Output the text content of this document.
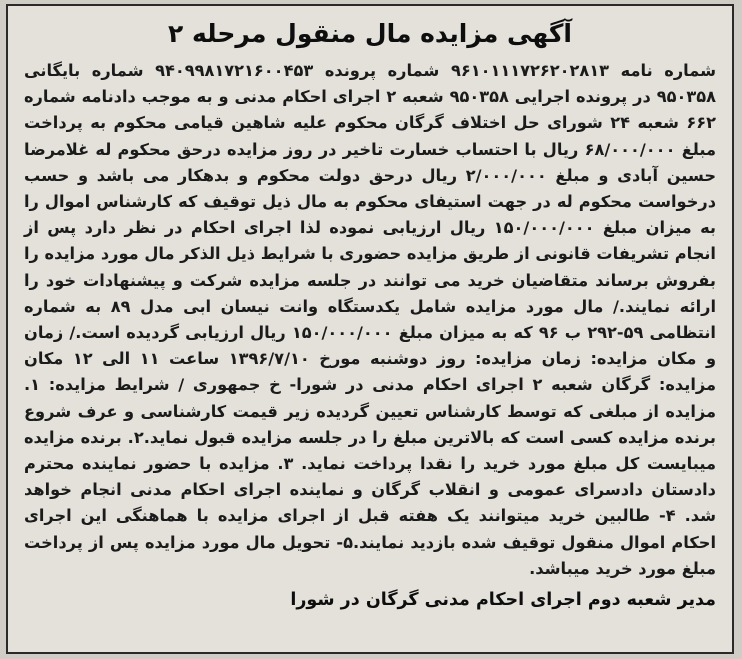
آگهی مزایده مال منقول مرحله ۲

شماره نامه ۹۶۱۰۱۱۱۷۲۶۲۰۲۸۱۳ شماره پرونده ۹۴۰۹۹۸۱۷۲۱۶۰۰۴۵۳ شماره بایگانی ۹۵۰۳۵۸ در پرونده اجرایی ۹۵۰۳۵۸ شعبه ۲ اجرای احکام مدنی و به موجب دادنامه شماره ۶۶۲ شعبه ۲۴ شورای حل اختلاف گرگان محکوم علیه شاهین قیامی محکوم به پرداخت مبلغ ۶۸/۰۰۰/۰۰۰ ریال با احتساب خسارت تاخیر در روز مزایده درحق محکوم له غلامرضا حسین آبادی و مبلغ ۲/۰۰۰/۰۰۰ ریال درحق دولت محکوم و بدهکار می باشد و حسب درخواست محکوم له در جهت استیفای محکوم به مال ذیل توقیف که کارشناس اموال را به میزان مبلغ ۱۵۰/۰۰۰/۰۰۰ ریال ارزیابی نموده لذا اجرای احکام در نظر دارد پس از انجام تشریفات قانونی از طریق مزایده حضوری با شرایط ذیل الذکر مال مورد مزایده را بفروش برساند متقاضیان خرید می توانند در جلسه مزایده شرکت و پیشنهادات خود را ارائه نمایند./ مال مورد مزایده شامل یکدستگاه وانت نیسان ابی مدل ۸۹ به شماره انتظامی ۵۹-۲۹۲ ب ۹۶ که به میزان مبلغ ۱۵۰/۰۰۰/۰۰۰ ریال ارزیابی گردیده است./ زمان و مکان مزایده: زمان مزایده: روز دوشنبه مورخ ۱۳۹۶/۷/۱۰ ساعت ۱۱ الی ۱۲ مکان مزایده: گرگان شعبه ۲ اجرای احکام مدنی در شورا- خ جمهوری / شرایط مزایده: ۱. مزایده از مبلغی که توسط کارشناس تعیین گردیده زیر قیمت کارشناسی و عرف شروع برنده مزایده کسی است که بالاترین مبلغ را در جلسه مزایده قبول نماید.۲. برنده مزایده میبایست کل مبلغ مورد خرید را نقدا پرداخت نماید. ۳. مزایده با حضور نماینده محترم دادستان دادسرای عمومی و انقلاب گرگان و نماینده اجرای احکام مدنی انجام خواهد شد. ۴- طالبین خرید میتوانند یک هفته قبل از اجرای مزایده با هماهنگی این اجرای احکام اموال منقول توقیف شده بازدید نمایند.۵- تحویل مال مورد مزایده پس از پرداخت مبلغ مورد خرید میباشد.

مدیر شعبه دوم اجرای احکام مدنی گرگان در شورا
